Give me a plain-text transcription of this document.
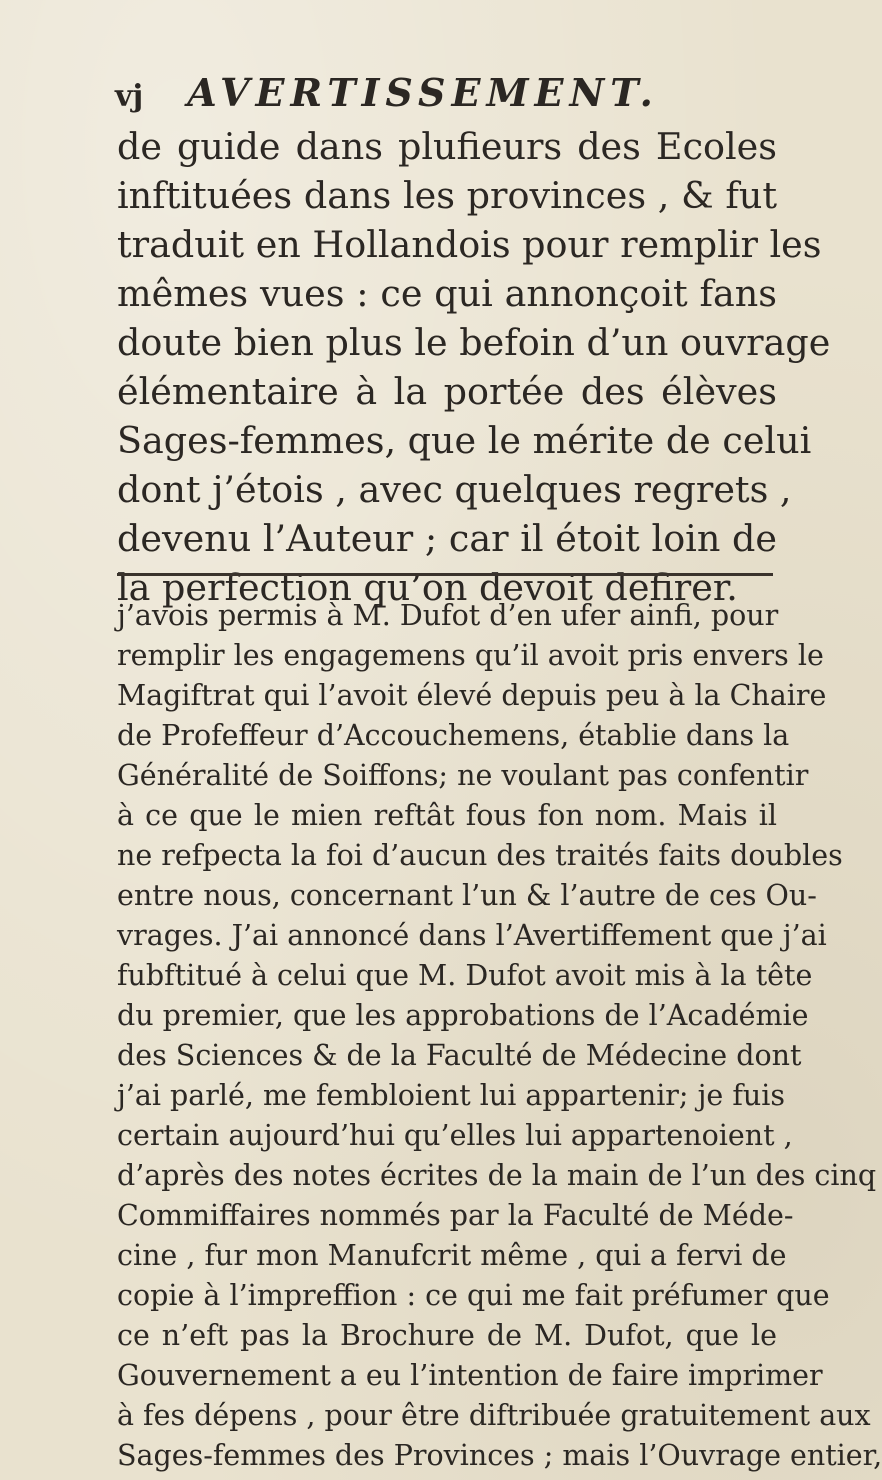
vj AVERTISSEMENT.
de guide dans plufieurs des Ecoles
inftituées dans les provinces , & fut
traduit en Hollandois pour remplir les
mêmes vues : ce qui annonçoit fans
doute bien plus le befoin d’un ouvrage
élémentaire à la portée des élèves
Sages-femmes, que le mérite de celui
dont j’étois , avec quelques regrets ,
devenu l’Auteur ; car il étoit loin de
la perfection qu’on devoit defirer.
j’avois permis à M. Dufot d’en ufer ainfi, pour
remplir les engagemens qu’il avoit pris envers le
Magiftrat qui l’avoit élevé depuis peu à la Chaire
de Profeffeur d’Accouchemens, établie dans la
Généralité de Soiffons; ne voulant pas confentir
à ce que le mien reftât fous fon nom. Mais il
ne refpecta la foi d’aucun des traités faits doubles
entre nous, concernant l’un & l’autre de ces Ou-
vrages. J’ai annoncé dans l’Avertiffement que j’ai
fubftitué à celui que M. Dufot avoit mis à la tête
du premier, que les approbations de l’Académie
des Sciences & de la Faculté de Médecine dont
j’ai parlé, me fembloient lui appartenir; je fuis
certain aujourd’hui qu’elles lui appartenoient ,
d’après des notes écrites de la main de l’un des cinq
Commiffaires nommés par la Faculté de Méde-
cine , fur mon Manufcrit même , qui a fervi de
copie à l’impreffion : ce qui me fait préfumer que
ce n’eft pas la Brochure de M. Dufot, que le
Gouvernement a eu l’intention de faire imprimer
à fes dépens , pour être diftribuée gratuitement aux
Sages-femmes des Provinces ; mais l’Ouvrage entier,
